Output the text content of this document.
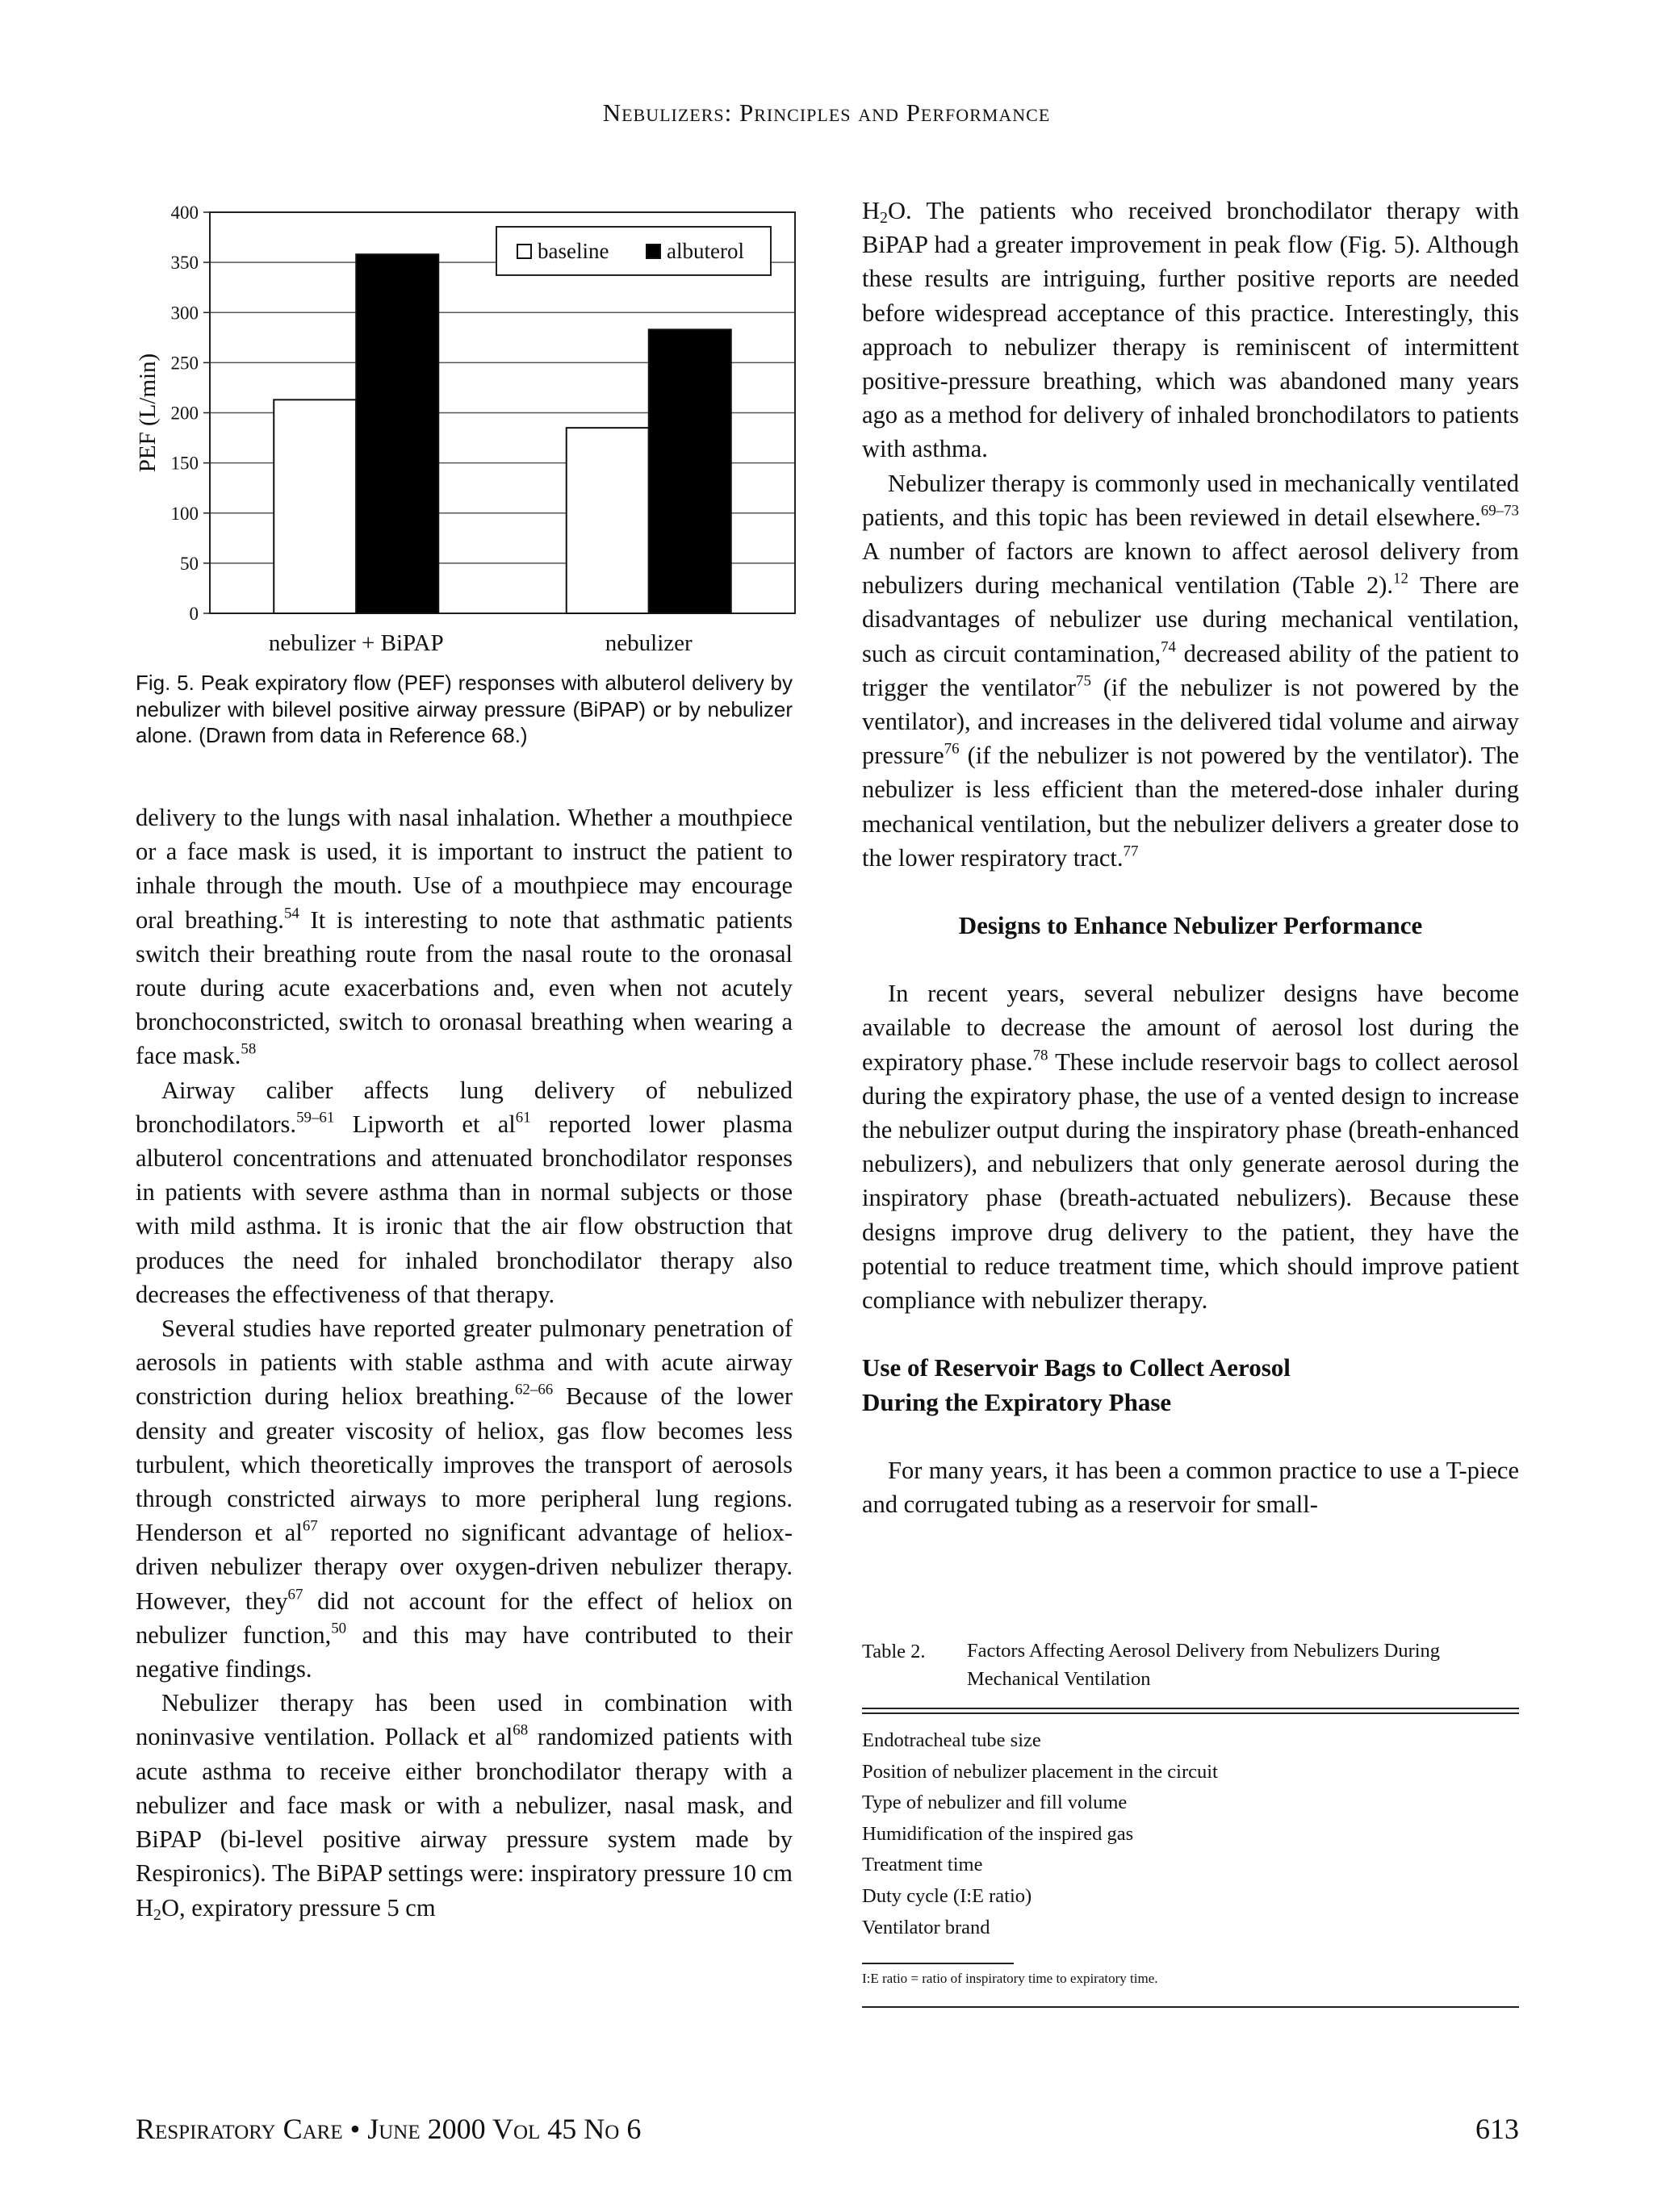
Nebulizers: Principles and Performance
0
50
100
150
200
250
300
350
400
PEF (L/min)
nebulizer + BiPAP	nebulizer
baseline	albuterol
Fig. 5. Peak expiratory flow (PEF) responses with albuterol delivery by nebulizer with bilevel positive airway pressure (BiPAP) or by nebulizer alone. (Drawn from data in Reference 68.)

delivery to the lungs with nasal inhalation. Whether a mouthpiece or a face mask is used, it is important to instruct the patient to inhale through the mouth. Use of a mouthpiece may encourage oral breathing.$^{54}$ It is interesting to note that asthmatic patients switch their breathing route from the nasal route to the oronasal route during acute exacerbations and, even when not acutely bronchoconstricted, switch to oronasal breathing when wearing a face mask.$^{58}$

Airway caliber affects lung delivery of nebulized bronchodilators.$^{59-61}$ Lipworth et $al^{61}$ reported lower plasma albuterol concentrations and attenuated bronchodilator responses in patients with severe asthma than in normal subjects or those with mild asthma. It is ironic that the air flow obstruction that produces the need for inhaled bronchodilator therapy also decreases the effectiveness of that therapy.

Several studies have reported greater pulmonary penetration of aerosols in patients with stable asthma and with acute airway constriction during heliox breathing.$^{62-66}$ Because of the lower density and greater viscosity of heliox, gas flow becomes less turbulent, which theoretically improves the transport of aerosols through constricted airways to more peripheral lung regions. Henderson et $al^{67}$ reported no significant advantage of heliox-driven nebulizer therapy over oxygen-driven nebulizer therapy. However, they$^{67}$ did not account for the effect of heliox on nebulizer function,$^{50}$ and this may have contributed to their negative findings.

Nebulizer therapy has been used in combination with noninvasive ventilation. Pollack et $al^{68}$ randomized patients with acute asthma to receive either bronchodilator therapy with a nebulizer and face mask or with a nebulizer, nasal mask, and BiPAP (bi-level positive airway pressure system made by Respironics). The BiPAP settings were: inspiratory pressure 10 cm $H_2O$, expiratory pressure 5 cm

$H_2O$. The patients who received bronchodilator therapy with BiPAP had a greater improvement in peak flow (Fig. 5). Although these results are intriguing, further positive reports are needed before widespread acceptance of this practice. Interestingly, this approach to nebulizer therapy is reminiscent of intermittent positive-pressure breathing, which was abandoned many years ago as a method for delivery of inhaled bronchodilators to patients with asthma.

Nebulizer therapy is commonly used in mechanically ventilated patients, and this topic has been reviewed in detail elsewhere.$^{69-73}$ A number of factors are known to affect aerosol delivery from nebulizers during mechanical ventilation (Table 2).$^{12}$ There are disadvantages of nebulizer use during mechanical ventilation, such as circuit contamination,$^{74}$ decreased ability of the patient to trigger the ventilator$^{75}$ (if the nebulizer is not powered by the ventilator), and increases in the delivered tidal volume and airway pressure$^{76}$ (if the nebulizer is not powered by the ventilator). The nebulizer is less efficient than the metered-dose inhaler during mechanical ventilation, but the nebulizer delivers a greater dose to the lower respiratory tract.$^{77}$

Designs to Enhance Nebulizer Performance

In recent years, several nebulizer designs have become available to decrease the amount of aerosol lost during the expiratory phase.$^{78}$ These include reservoir bags to collect aerosol during the expiratory phase, the use of a vented design to increase the nebulizer output during the inspiratory phase (breath-enhanced nebulizers), and nebulizers that only generate aerosol during the inspiratory phase (breath-actuated nebulizers). Because these designs improve drug delivery to the patient, they have the potential to reduce treatment time, which should improve patient compliance with nebulizer therapy.

Use of Reservoir Bags to Collect Aerosol
During the Expiratory Phase

For many years, it has been a common practice to use a T-piece and corrugated tubing as a reservoir for small-

Table 2.	Factors Affecting Aerosol Delivery from Nebulizers During Mechanical Ventilation
Endotracheal tube size
Position of nebulizer placement in the circuit
Type of nebulizer and fill volume
Humidification of the inspired gas
Treatment time
Duty cycle (I:E ratio)
Ventilator brand
I:E ratio = ratio of inspiratory time to expiratory time.
Respiratory Care • June 2000 Vol 45 No 6	613
